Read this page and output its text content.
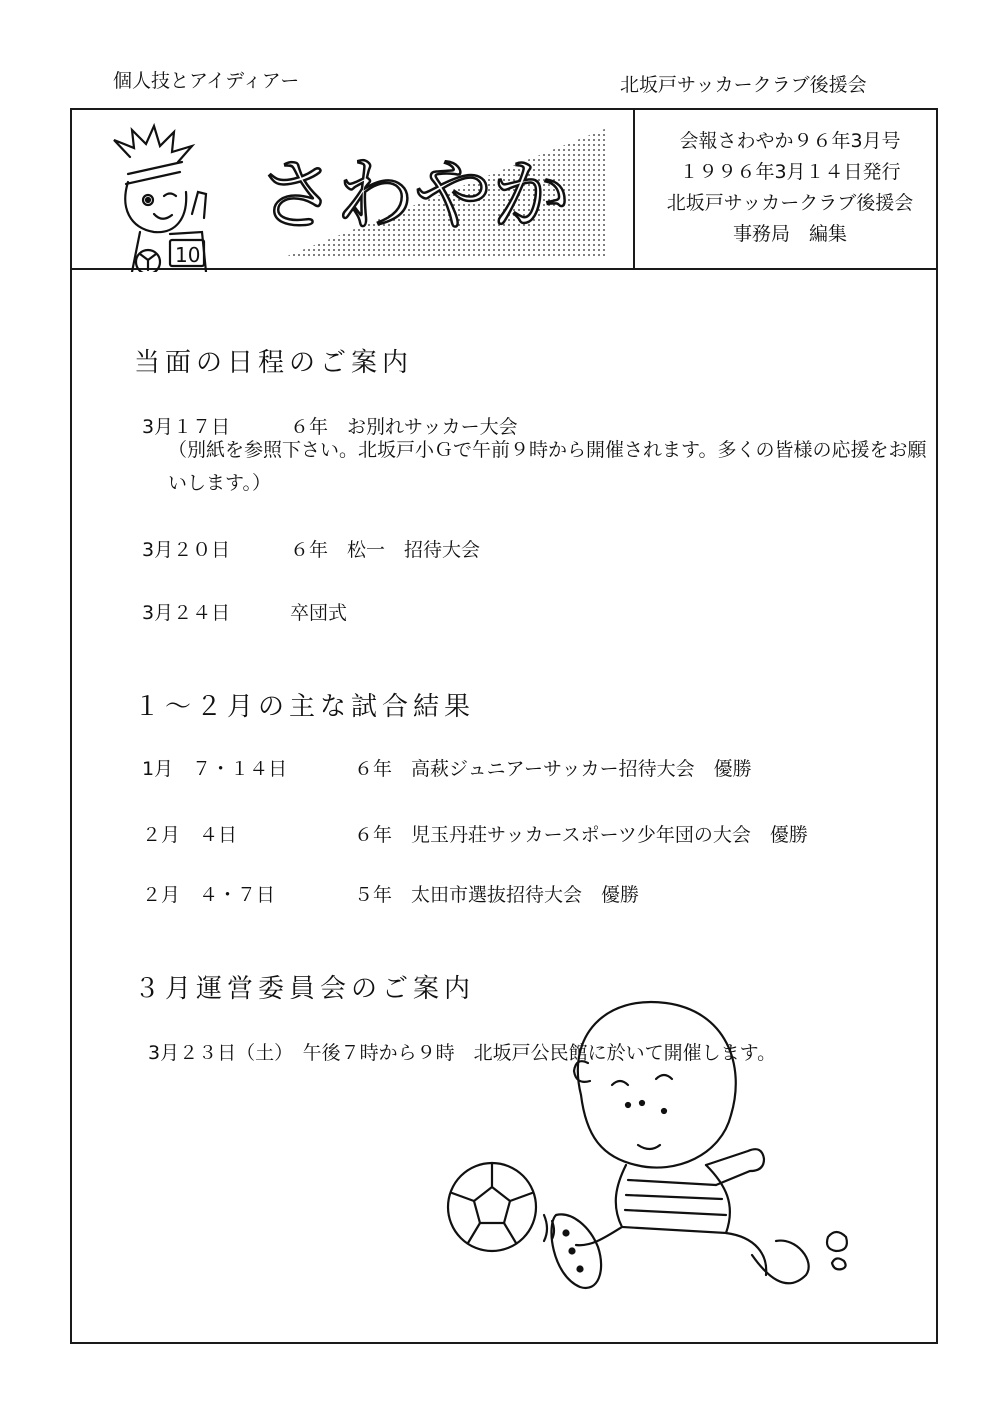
個人技とアイディアー	北坂戸サッカークラブ後援会
10
さわやか
会報さわやか９６年3月号
１９９６年3月１４日発行
北坂戸サッカークラブ後援会
事務局　編集
当面の日程のご案内
3月１７日	６年　お別れサッカー大会
（別紙を参照下さい。北坂戸小Ｇで午前９時から開催されます。多くの皆様の応援をお願いします。）
3月２０日	６年　松一　招待大会
3月２４日	卒団式
１～２月の主な試合結果
1月　７・１４日	６年　高萩ジュニアーサッカー招待大会　優勝
２月　４日	６年　児玉丹荘サッカースポーツ少年団の大会　優勝
２月　４・７日	５年　太田市選抜招待大会　優勝
３月運営委員会のご案内
3月２３日（土）　午後７時から９時　北坂戸公民館に於いて開催します。
